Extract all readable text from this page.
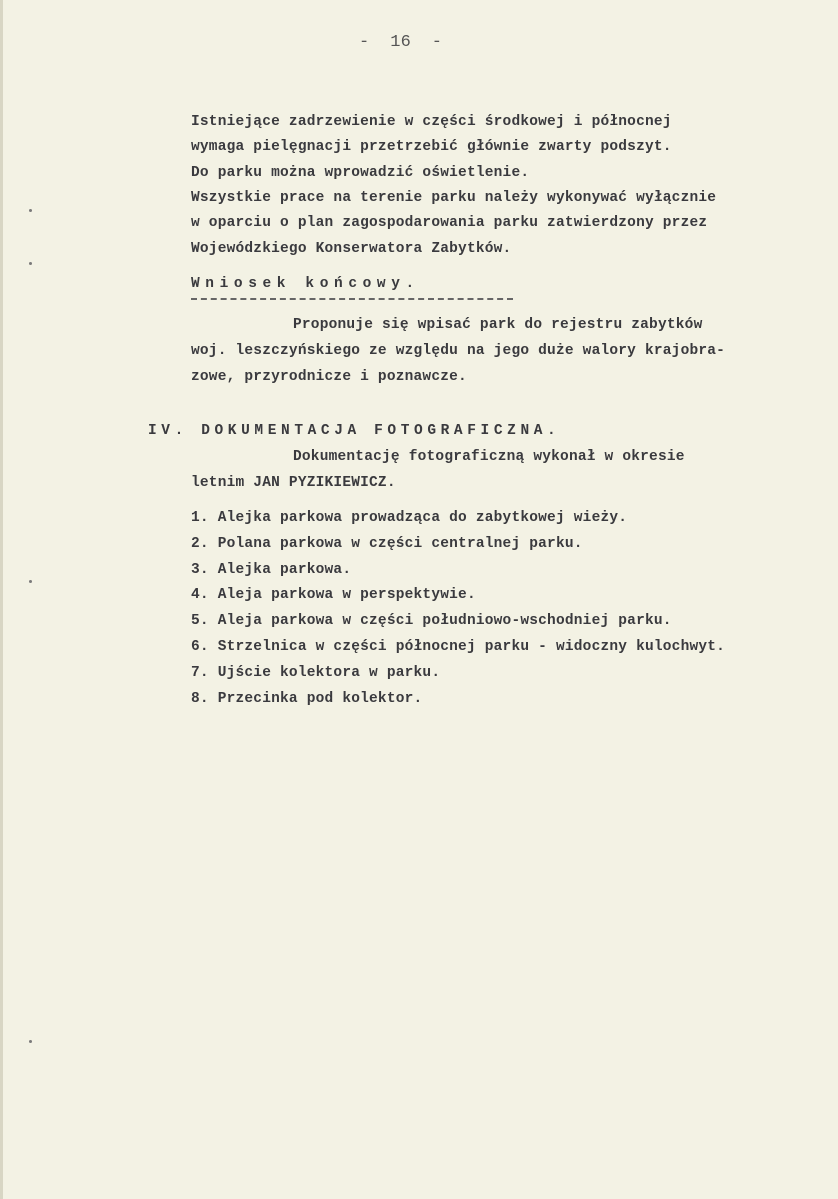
-  16  -
Istniejące zadrzewienie w części środkowej i północnej
wymaga pielęgnacji przetrzebić głównie zwarty podszyt.
Do parku można wprowadzić oświetlenie.
Wszystkie prace na terenie parku należy wykonywać wyłącznie
w oparciu o plan zagospodarowania parku zatwierdzony przez
Wojewódzkiego Konserwatora Zabytków.
Wniosek końcowy.
Proponuje się wpisać park do rejestru zabytków
woj. leszczyńskiego ze względu na jego duże walory krajobra-
zowe, przyrodnicze i poznawcze.
IV. DOKUMENTACJA FOTOGRAFICZNA.
Dokumentację fotograficzną wykonał w okresie
letnim JAN PYZIKIEWICZ.
1. Alejka parkowa prowadząca do zabytkowej wieży.
2. Polana parkowa w części centralnej parku.
3. Alejka parkowa.
4. Aleja parkowa w perspektywie.
5. Aleja parkowa w części południowo-wschodniej parku.
6. Strzelnica w części północnej parku - widoczny kulochwyt.
7. Ujście kolektora w parku.
8. Przecinka pod kolektor.
